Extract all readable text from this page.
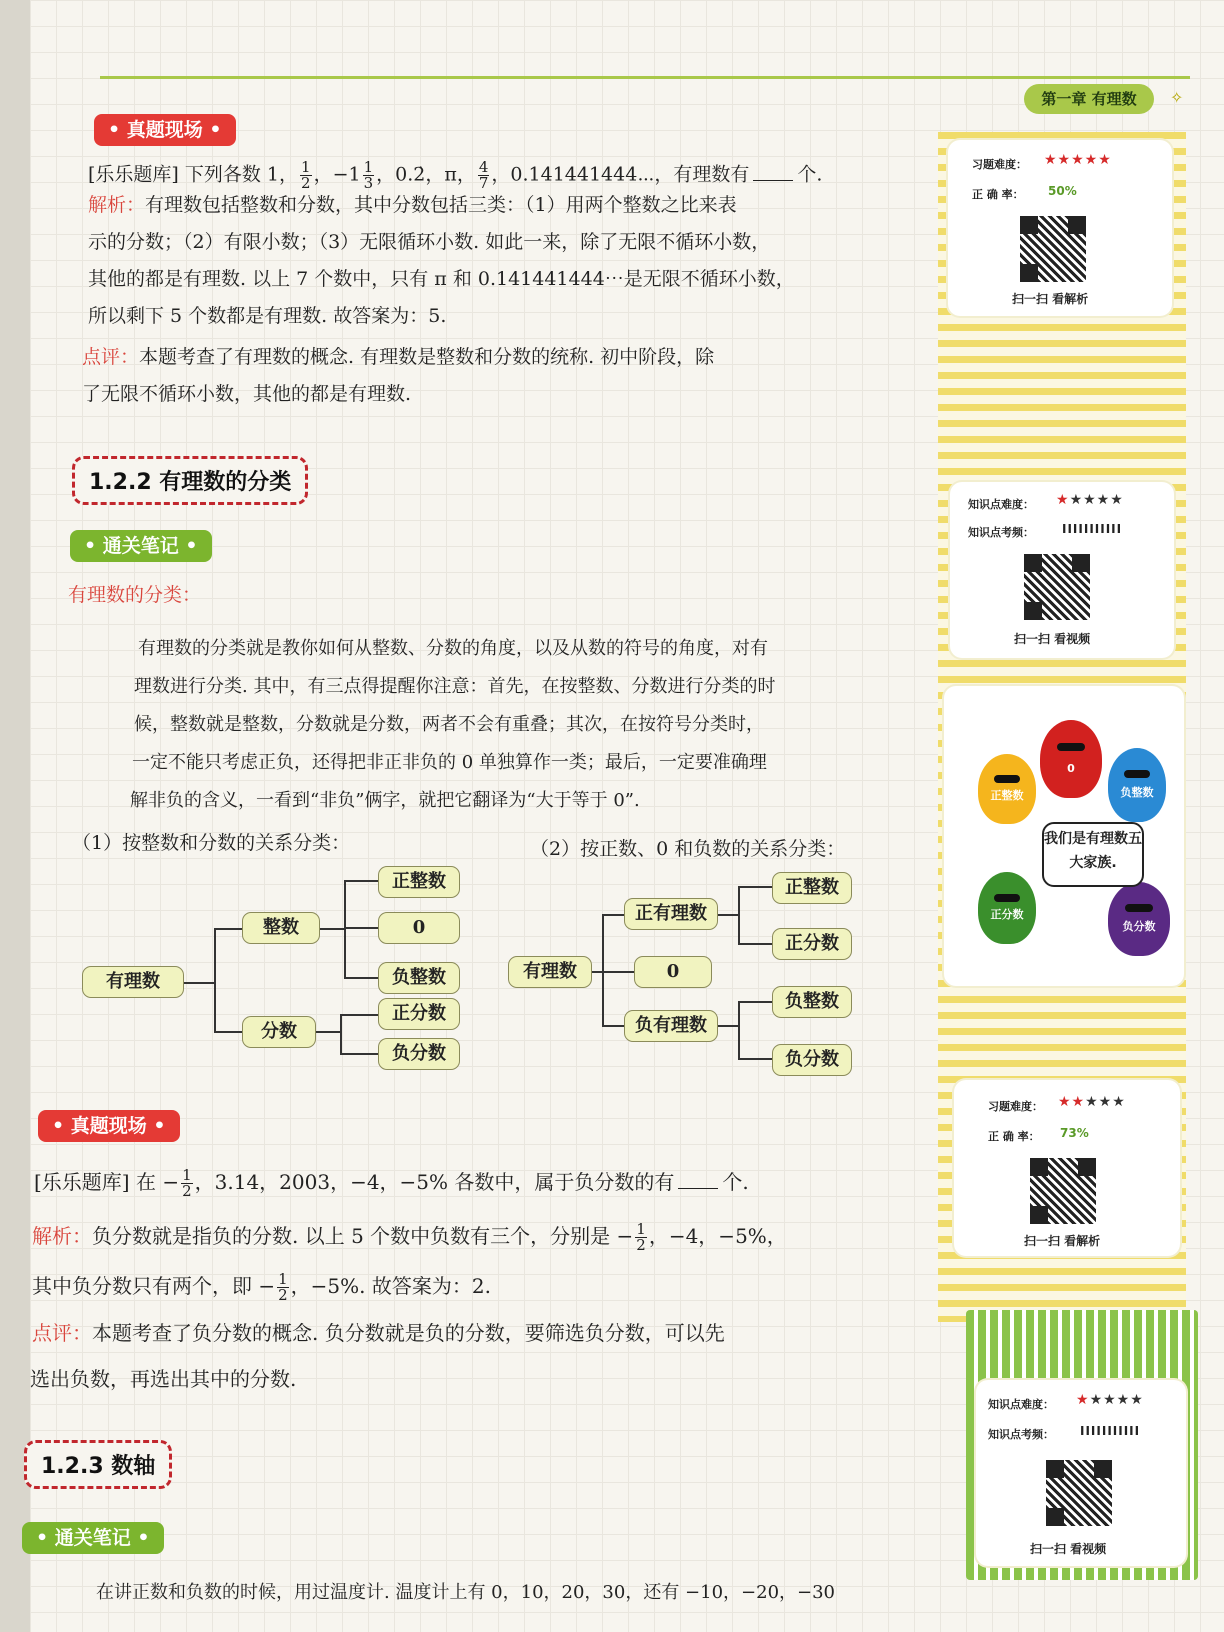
第一章 有理数	✧
• 真题现场 •
[乐乐题库] 下列各数 1， $\frac{1}{2}$ ，$-1 \frac{1}{3}$ ，0.2̇，π， $\frac{4}{7}$ ，0.141441444⋯，有理数有	个.
解析：有理数包括整数和分数，其中分数包括三类：（1）用两个整数之比来表
示的分数；（2）有限小数；（3）无限循环小数. 如此一来，除了无限不循环小数，
其他的都是有理数. 以上 7 个数中，只有 π 和 0.141441444⋯是无限不循环小数，
所以剩下 5 个数都是有理数. 故答案为：5.
点评：本题考查了有理数的概念. 有理数是整数和分数的统称. 初中阶段，除
了无限不循环小数，其他的都是有理数.
1.2.2 有理数的分类
• 通关笔记 •
有理数的分类：
有理数的分类就是教你如何从整数、分数的角度，以及从数的符号的角度，对有
理数进行分类. 其中，有三点得提醒你注意：首先，在按整数、分数进行分类的时
候，整数就是整数，分数就是分数，两者不会有重叠；其次，在按符号分类时，
一定不能只考虑正负，还得把非正非负的 0 单独算作一类；最后，一定要准确理
解非负的含义，一看到“非负”俩字，就把它翻译为“大于等于 0”.
（1）按整数和分数的关系分类：	（2）按正数、0 和负数的关系分类：
有理数
整数
分数
正整数
0
负整数
正分数
负分数
有理数
正有理数
0
负有理数
正整数
正分数
负整数
负分数
• 真题现场 •
[乐乐题库] 在 − $\frac{1}{2}$ ，3.14，2003，−4，−5% 各数中，属于负分数的有 个.
解析：负分数就是指负的分数. 以上 5 个数中负数有三个，分别是 − $\frac{1}{2}$ ，−4，−5%，
其中负分数只有两个，即 − $\frac{1}{2}$ ，−5%. 故答案为：2.
点评：本题考查了负分数的概念. 负分数就是负的分数，要筛选负分数，可以先
选出负数，再选出其中的分数.
1.2.3 数轴
• 通关笔记 •
在讲正数和负数的时候，用过温度计. 温度计上有 0，10，20，30，还有 −10，−20，−30
习题难度： ★★★★★
正 确 率： 50%
扫一扫 看解析
知识点难度： ★★★★★
知识点考频： IIIIIIIIIII
扫一扫 看视频
正整数
0
负整数
正分数
负分数
我们是有理数五大家族.
习题难度： ★★★★★
正 确 率： 73%
扫一扫 看解析
知识点难度： ★★★★★
知识点考频： IIIIIIIIIII
扫一扫 看视频
